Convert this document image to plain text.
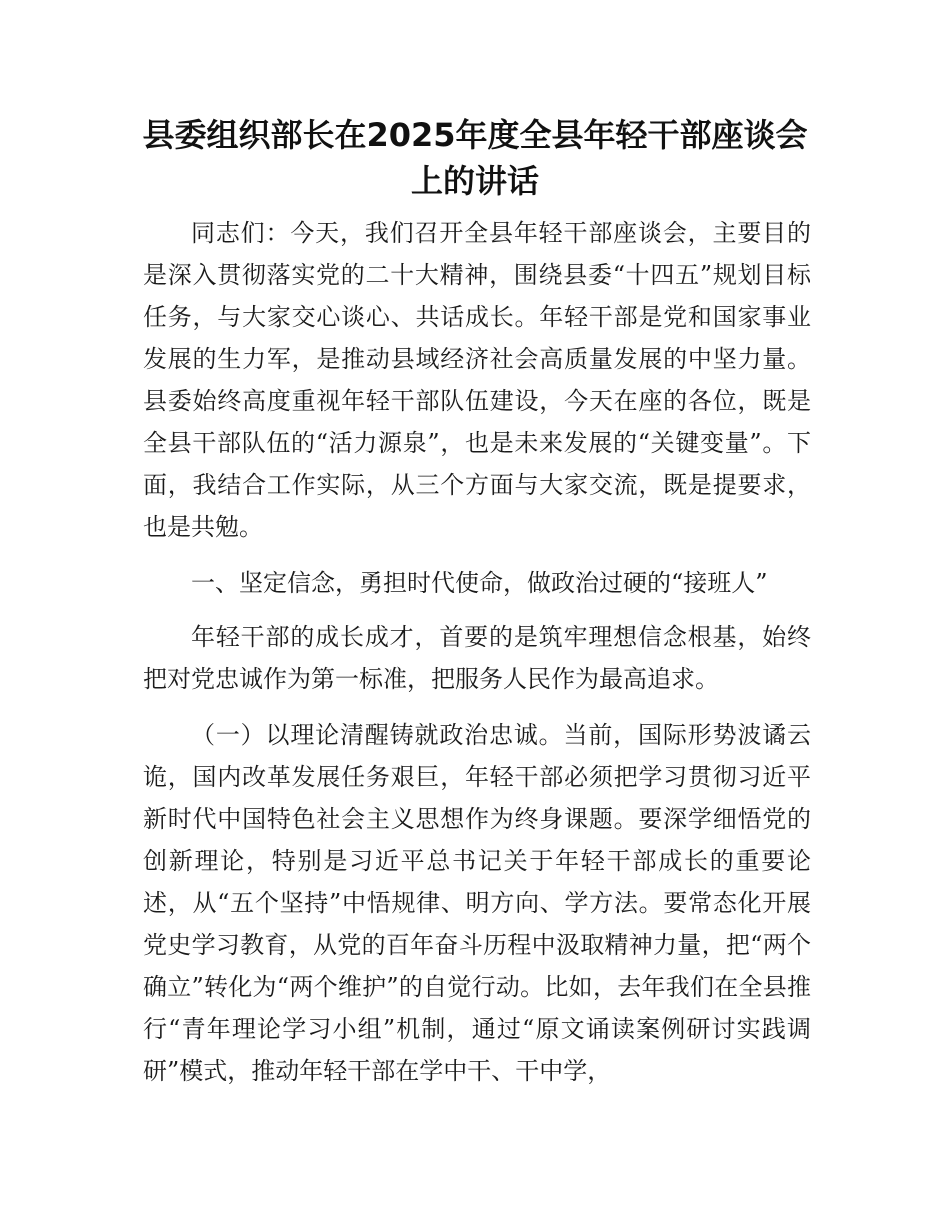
县委组织部长在2025年度全县年轻干部座谈会上的讲话

同志们：今天，我们召开全县年轻干部座谈会，主要目的是深入贯彻落实党的二十大精神，围绕县委“十四五”规划目标任务，与大家交心谈心、共话成长。年轻干部是党和国家事业发展的生力军，是推动县域经济社会高质量发展的中坚力量。县委始终高度重视年轻干部队伍建设，今天在座的各位，既是全县干部队伍的“活力源泉”，也是未来发展的“关键变量”。下面，我结合工作实际，从三个方面与大家交流，既是提要求，也是共勉。

一、坚定信念，勇担时代使命，做政治过硬的“接班人”

年轻干部的成长成才，首要的是筑牢理想信念根基，始终把对党忠诚作为第一标准，把服务人民作为最高追求。

（一）以理论清醒铸就政治忠诚。当前，国际形势波谲云诡，国内改革发展任务艰巨，年轻干部必须把学习贯彻习近平新时代中国特色社会主义思想作为终身课题。要深学细悟党的创新理论，特别是习近平总书记关于年轻干部成长的重要论述，从“五个坚持”中悟规律、明方向、学方法。要常态化开展党史学习教育，从党的百年奋斗历程中汲取精神力量，把“两个确立”转化为“两个维护”的自觉行动。比如，去年我们在全县推行“青年理论学习小组”机制，通过“原文诵读案例研讨实践调研”模式，推动年轻干部在学中干、干中学，
